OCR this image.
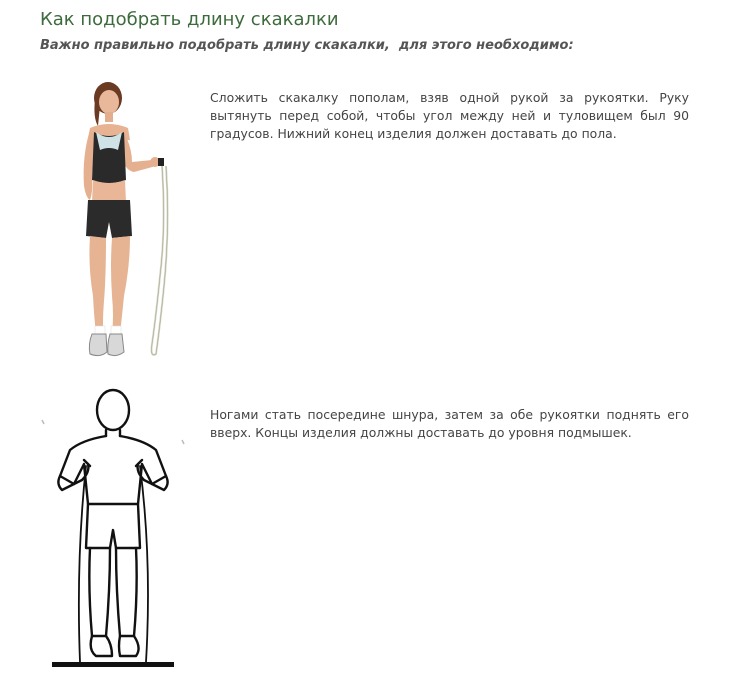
Как подобрать длину скакалки

Важно правильно подобрать длину скакалки,  для этого необходимо:

Сложить скакалку пополам, взяв одной рукой за рукоятки. Руку вытянуть перед собой, чтобы угол между ней и туловищем был 90 градусов. Нижний конец изделия должен доставать до пола.

Ногами стать посередине шнура, затем за обе рукоятки поднять его вверх. Концы изделия должны доставать до уровня подмышек.
